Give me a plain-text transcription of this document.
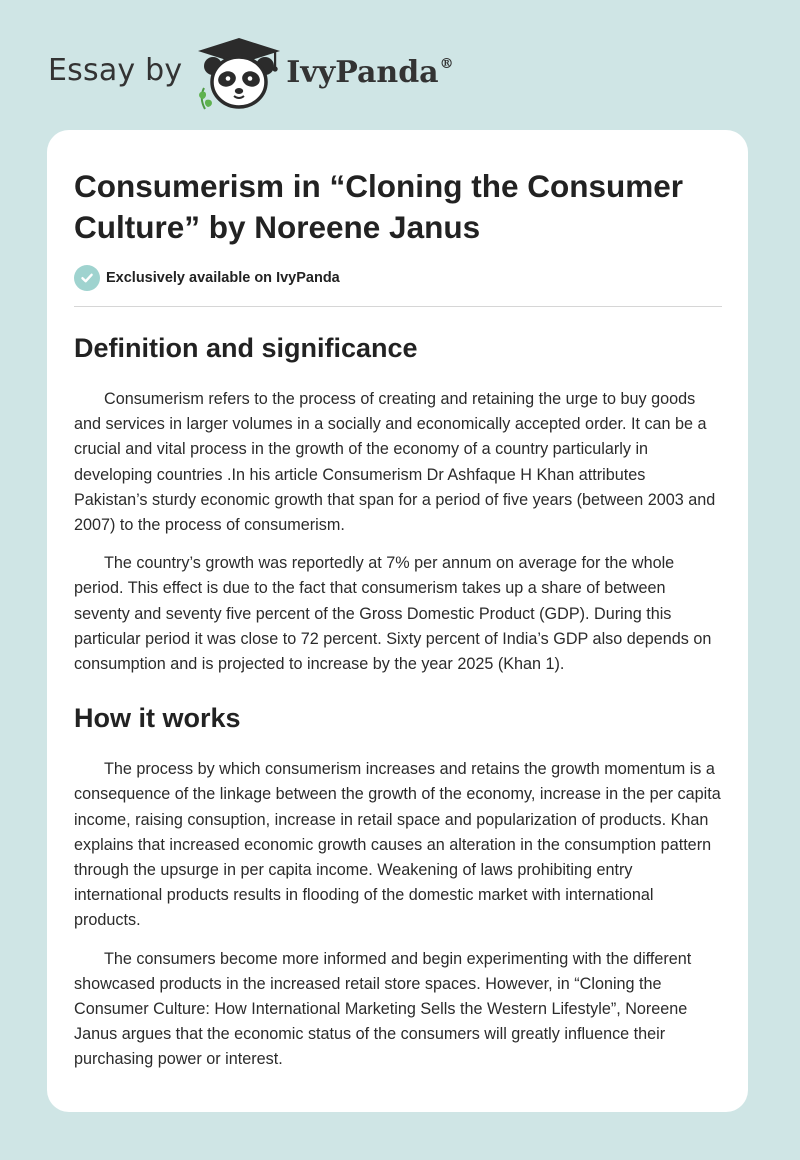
Essay by	IvyPanda®
Consumerism in “Cloning the Consumer Culture” by Noreene Janus
Exclusively available on IvyPanda
Definition and significance

Consumerism refers to the process of creating and retaining the urge to buy goods and services in larger volumes in a socially and economically accepted order. It can be a crucial and vital process in the growth of the economy of a country particularly in developing countries .In his article Consumerism Dr Ashfaque H Khan attributes Pakistan’s sturdy economic growth that span for a period of five years (between 2003 and 2007) to the process of consumerism.

The country’s growth was reportedly at 7% per annum on average for the whole period. This effect is due to the fact that consumerism takes up a share of between seventy and seventy five percent of the Gross Domestic Product (GDP). During this particular period it was close to 72 percent. Sixty percent of India’s GDP also depends on consumption and is projected to increase by the year 2025 (Khan 1).

How it works

The process by which consumerism increases and retains the growth momentum is a consequence of the linkage between the growth of the economy, increase in the per capita income, raising consuption, increase in retail space and popularization of products. Khan explains that increased economic growth causes an alteration in the consumption pattern through the upsurge in per capita income. Weakening of laws prohibiting entry international products results in flooding of the domestic market with international products.

The consumers become more informed and begin experimenting with the different showcased products in the increased retail store spaces. However, in “Cloning the Consumer Culture: How International Marketing Sells the Western Lifestyle”, Noreene Janus argues that the economic status of the consumers will greatly influence their purchasing power or interest.
